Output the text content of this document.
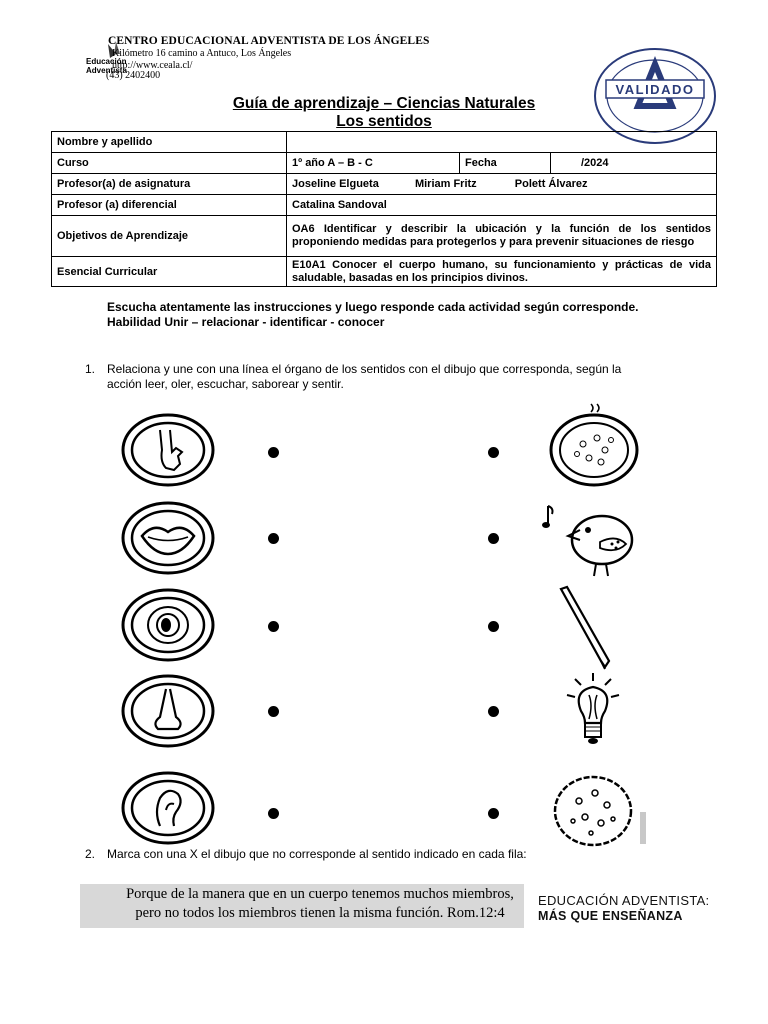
Educación
Adventista
CENTRO EDUCACIONAL ADVENTISTA DE LOS ÁNGELES
Kilómetro 16 camino a Antuco, Los Ángeles
http://www.ceala.cl/
(43) 2402400
VALIDADO
Guía de aprendizaje – Ciencias Naturales
Los sentidos
Nombre y apellido			
Curso	1º año A – B - C	Fecha	/2024
Profesor(a) de asignatura	Joseline Elgueta Miriam Fritz Polett Álvarez		
Profesor (a) diferencial	Catalina Sandoval		
Objetivos de Aprendizaje	OA6 Identificar y describir la ubicación y la función de los sentidos proponiendo medidas para protegerlos y para prevenir situaciones de riesgo		
Esencial Curricular	E10A1 Conocer el cuerpo humano, su funcionamiento y prácticas de vida saludable, basadas en los principios divinos.		
Escucha atentamente las instrucciones y luego responde cada actividad según corresponde.
Habilidad Unir – relacionar - identificar - conocer
1. Relaciona y une con una línea el órgano de los sentidos con el dibujo que corresponda, según la acción leer, oler, escuchar, saborear y sentir.
2. Marca con una X el dibujo que no corresponde al sentido indicado en cada fila:
Porque de la manera que en un cuerpo tenemos muchos miembros,
pero no todos los miembros tienen la misma función. Rom.12:4
EDUCACIÓN ADVENTISTA:
MÁS QUE ENSEÑANZA
